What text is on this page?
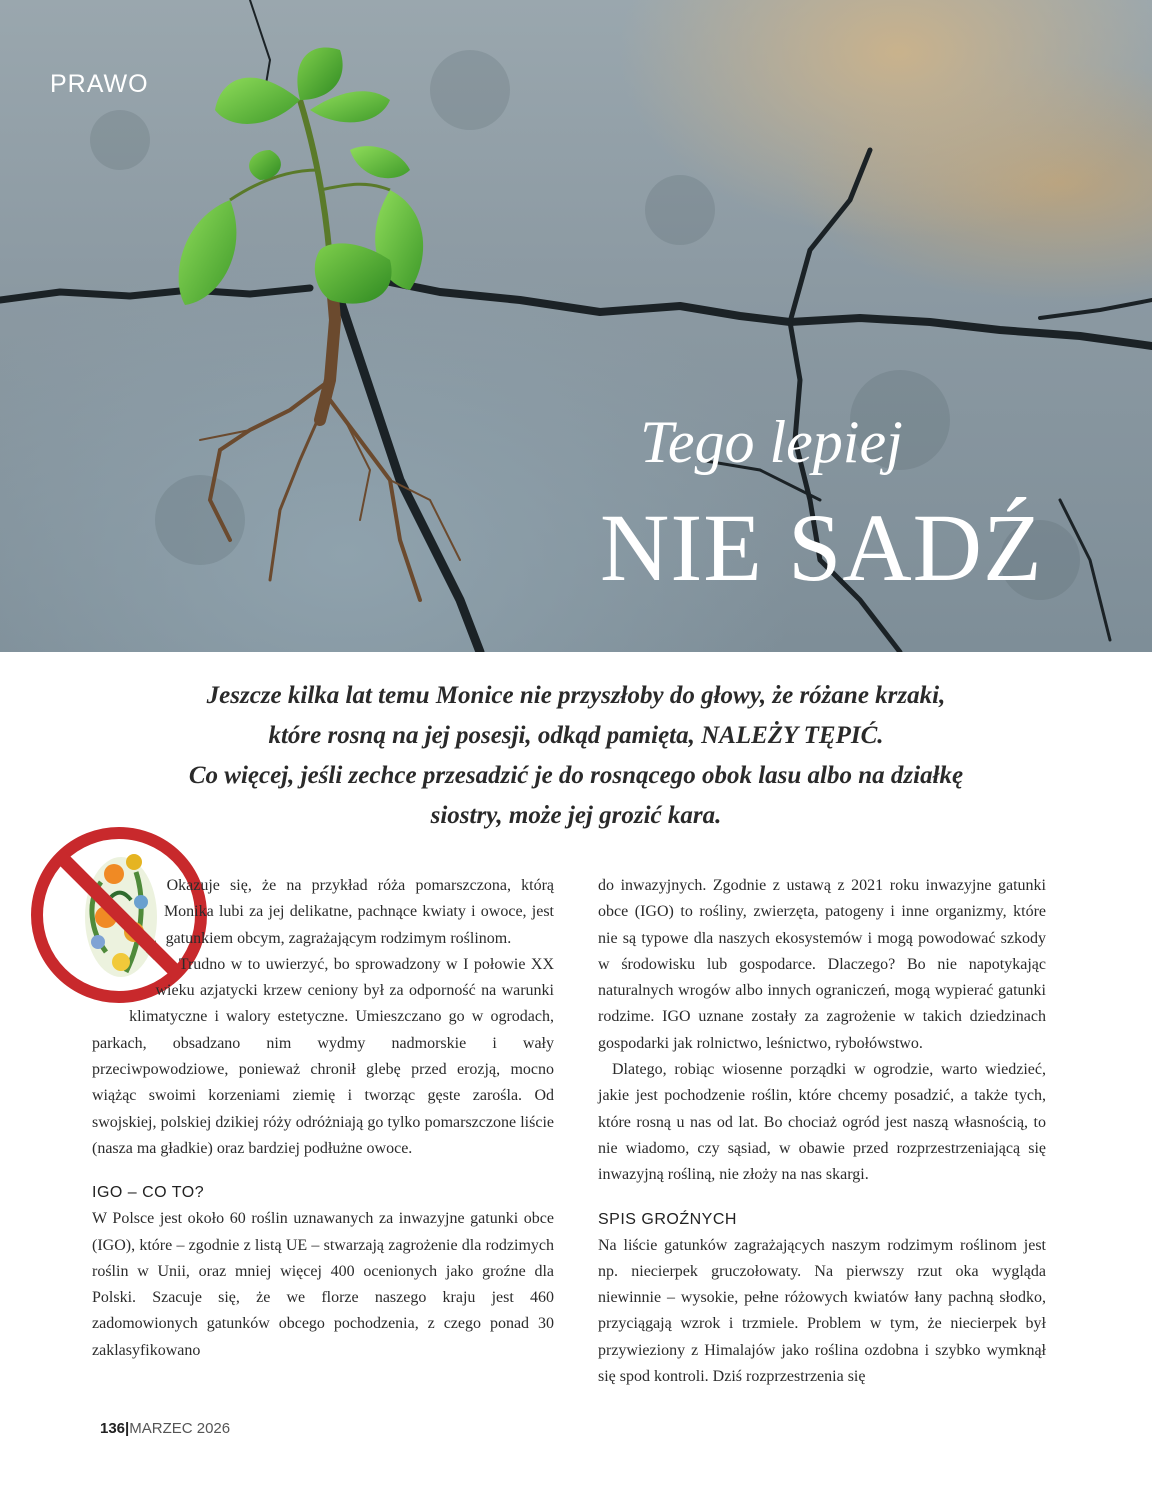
PRAWO
Tego lepiej
NIE SADŹ
Jeszcze kilka lat temu Monice nie przyszłoby do głowy, że różane krzaki,
które rosną na jej posesji, odkąd pamięta, NALEŻY TĘPIĆ.
Co więcej, jeśli zechce przesadzić je do rosnącego obok lasu albo na działkę
siostry, może jej grozić kara.

Okazuje się, że na przykład róża pomarszczona, którą Monika lubi za jej delikatne, pachnące kwiaty i owoce, jest gatunkiem obcym, zagrażającym rodzimym roślinom.

Trudno w to uwierzyć, bo sprowadzony w I połowie XX wieku azjatycki krzew ceniony był za odporność na warunki klimatyczne i walory estetyczne. Umieszczano go w ogrodach, parkach, obsadzano nim wydmy nadmorskie i wały przeciwpowodziowe, ponieważ chronił glebę przed erozją, mocno wiążąc swoimi korzeniami ziemię i tworząc gęste zarośla. Od swojskiej, polskiej dzikiej róży odróżniają go tylko pomarszczone liście (nasza ma gładkie) oraz bardziej podłużne owoce.

IGO – CO TO?

W Polsce jest około 60 roślin uznawanych za inwazyjne gatunki obce (IGO), które – zgodnie z listą UE – stwarzają zagrożenie dla rodzimych roślin w Unii, oraz mniej więcej 400 ocenionych jako groźne dla Polski. Szacuje się, że we florze naszego kraju jest 460 zadomowionych gatunków obcego pochodzenia, z czego ponad 30 zaklasyfikowano

do inwazyjnych. Zgodnie z ustawą z 2021 roku inwazyjne gatunki obce (IGO) to rośliny, zwierzęta, patogeny i inne organizmy, które nie są typowe dla naszych ekosystemów i mogą powodować szkody w środowisku lub gospodarce. Dlaczego? Bo nie napotykając naturalnych wrogów albo innych ograniczeń, mogą wypierać gatunki rodzime. IGO uznane zostały za zagrożenie w takich dziedzinach gospodarki jak rolnictwo, leśnictwo, rybołówstwo.

Dlatego, robiąc wiosenne porządki w ogrodzie, warto wiedzieć, jakie jest pochodzenie roślin, które chcemy posadzić, a także tych, które rosną u nas od lat. Bo chociaż ogród jest naszą własnością, to nie wiadomo, czy sąsiad, w obawie przed rozprzestrzeniającą się inwazyjną rośliną, nie złoży na nas skargi.

SPIS GROŹNYCH

Na liście gatunków zagrażających naszym rodzimym roślinom jest np. niecierpek gruczołowaty. Na pierwszy rzut oka wygląda niewinnie – wysokie, pełne różowych kwiatów łany pachną słodko, przyciągają wzrok i trzmiele. Problem w tym, że niecierpek był przywieziony z Himalajów jako roślina ozdobna i szybko wymknął się spod kontroli. Dziś rozprzestrzenia się

136|MARZEC 2026
